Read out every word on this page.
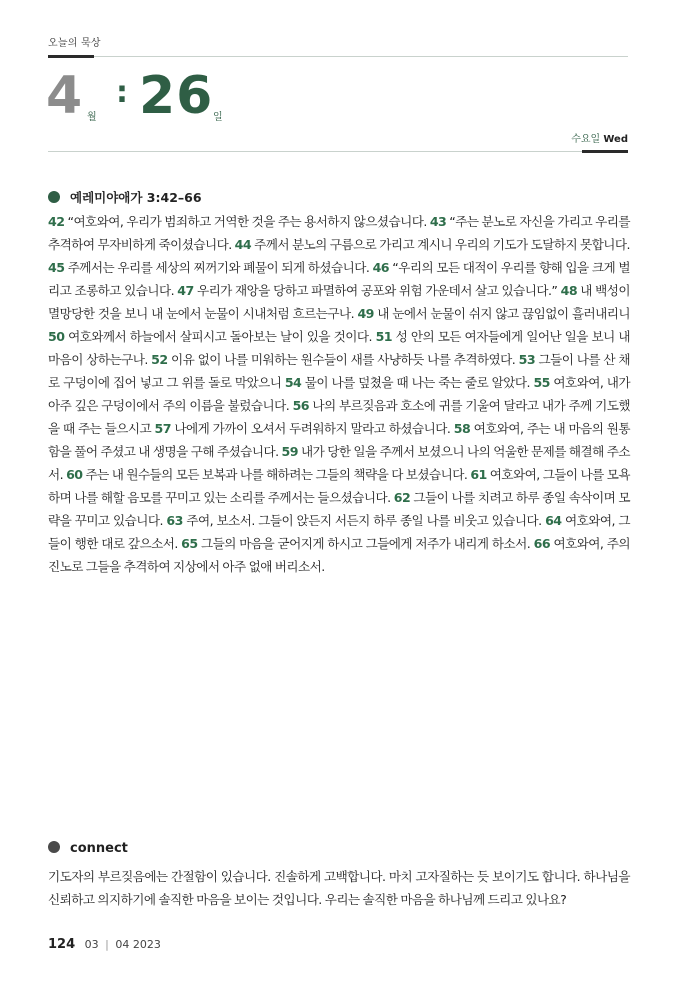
오늘의 묵상
4 월
: 26 일
수요일 Wed
예레미야애가 3:42–66

42 “여호와여, 우리가 범죄하고 거역한 것을 주는 용서하지 않으셨습니다. 43 “주는 분노로 자신을 가리고 우리를 추격하여 무자비하게 죽이셨습니다. 44 주께서 분노의 구름으로 가리고 계시니 우리의 기도가 도달하지 못합니다. 45 주께서는 우리를 세상의 찌꺼기와 폐물이 되게 하셨습니다. 46 “우리의 모든 대적이 우리를 향해 입을 크게 벌리고 조롱하고 있습니다. 47 우리가 재앙을 당하고 파멸하여 공포와 위험 가운데서 살고 있습니다.” 48 내 백성이 멸망당한 것을 보니 내 눈에서 눈물이 시내처럼 흐르는구나. 49 내 눈에서 눈물이 쉬지 않고 끊임없이 흘러내리니 50 여호와께서 하늘에서 살피시고 돌아보는 날이 있을 것이다. 51 성 안의 모든 여자들에게 일어난 일을 보니 내 마음이 상하는구나. 52 이유 없이 나를 미워하는 원수들이 새를 사냥하듯 나를 추격하였다. 53 그들이 나를 산 채로 구덩이에 집어 넣고 그 위를 돌로 막았으니 54 물이 나를 덮쳤을 때 나는 죽는 줄로 알았다. 55 여호와여, 내가 아주 깊은 구덩이에서 주의 이름을 불렀습니다. 56 나의 부르짖음과 호소에 귀를 기울여 달라고 내가 주께 기도했을 때 주는 들으시고 57 나에게 가까이 오셔서 두려워하지 말라고 하셨습니다. 58 여호와여, 주는 내 마음의 원통함을 풀어 주셨고 내 생명을 구해 주셨습니다. 59 내가 당한 일을 주께서 보셨으니 나의 억울한 문제를 해결해 주소서. 60 주는 내 원수들의 모든 보복과 나를 해하려는 그들의 책략을 다 보셨습니다. 61 여호와여, 그들이 나를 모욕하며 나를 해할 음모를 꾸미고 있는 소리를 주께서는 들으셨습니다. 62 그들이 나를 치려고 하루 종일 속삭이며 모략을 꾸미고 있습니다. 63 주여, 보소서. 그들이 앉든지 서든지 하루 종일 나를 비웃고 있습니다. 64 여호와여, 그들이 행한 대로 갚으소서. 65 그들의 마음을 굳어지게 하시고 그들에게 저주가 내리게 하소서. 66 여호와여, 주의 진노로 그들을 추격하여 지상에서 아주 없애 버리소서.

connect

기도자의 부르짖음에는 간절함이 있습니다. 진솔하게 고백합니다. 마치 고자질하는 듯 보이기도 합니다. 하나님을 신뢰하고 의지하기에 솔직한 마음을 보이는 것입니다. 우리는 솔직한 마음을 하나님께 드리고 있나요?

124 03 | 04 2023
